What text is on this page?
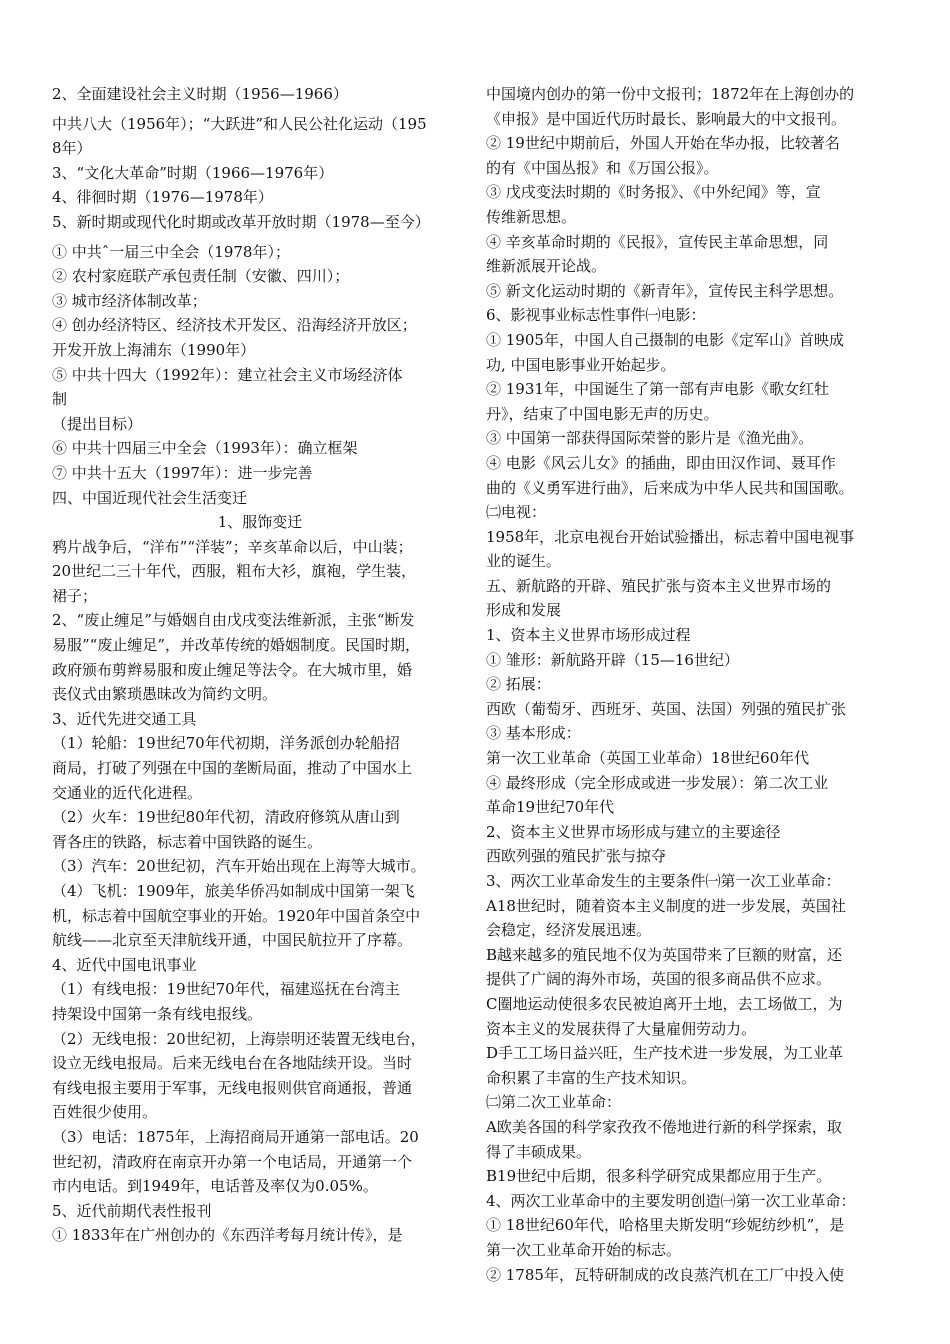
2、全面建设社会主义时期（1956—1966）
中共八大（1956年）；“大跃进”和人民公社化运动（195
8年）
3、“文化大革命”时期（1966—1976年）
4、徘徊时期（1976—1978年）
5、新时期或现代化时期或改革开放时期（1978—至今）
① 中共ˆ一届三中全会（1978年）；
② 农村家庭联产承包责任制（安徽、四川）；
③ 城市经济体制改革；
④ 创办经济特区、经济技术开发区、沿海经济开放区；
开发开放上海浦东（1990年）
⑤ 中共十四大（1992年）：建立社会主义市场经济体
制
（提出目标）
⑥ 中共十四届三中全会（1993年）：确立框架
⑦ 中共十五大（1997年）：进一步完善
四、中国近现代社会生活变迁
1、服饰变迁
鸦片战争后，“洋布”“洋装”；辛亥革命以后，中山装；
20世纪二三十年代，西服，粗布大衫，旗袍，学生装，
裙子；
2、“废止缠足”与婚姻自由戊戌变法维新派，主张“断发
易服”“废止缠足”，并改革传统的婚姻制度。民国时期，
政府颁布剪辫易服和废止缠足等法令。在大城市里，婚
丧仪式由繁琐愚昧改为简约文明。
3、近代先进交通工具
（1）轮船：19世纪70年代初期，洋务派创办轮船招
商局，打破了列强在中国的垄断局面，推动了中国水上
交通业的近代化进程。
（2）火车：19世纪80年代初，清政府修筑从唐山到
胥各庄的铁路，标志着中国铁路的诞生。
（3）汽车：20世纪初，汽车开始出现在上海等大城市。
（4）飞机：1909年，旅美华侨冯如制成中国第一架飞
机，标志着中国航空事业的开始。1920年中国首条空中
航线——北京至天津航线开通，中国民航拉开了序幕。
4、近代中国电讯事业
（1）有线电报：19世纪70年代，福建巡抚在台湾主
持架设中国第一条有线电报线。
（2）无线电报：20世纪初，上海崇明还装置无线电台，
设立无线电报局。后来无线电台在各地陆续开设。当时
有线电报主要用于军事，无线电报则供官商通报，普通
百姓很少使用。
（3）电话：1875年，上海招商局开通第一部电话。20
世纪初，清政府在南京开办第一个电话局，开通第一个
市内电话。到1949年，电话普及率仅为0.05%。
5、近代前期代表性报刊
① 1833年在广州创办的《东西洋考每月统计传》，是
中国境内创办的第一份中文报刊；1872年在上海创办的
《申报》是中国近代历时最长、影响最大的中文报刊。
② 19世纪中期前后，外国人开始在华办报，比较著名
的有《中国丛报》和《万国公报》。
③ 戊戌变法时期的《时务报》、《中外纪闻》等，宣
传维新思想。
④ 辛亥革命时期的《民报》，宣传民主革命思想，同
维新派展开论战。
⑤ 新文化运动时期的《新青年》，宣传民主科学思想。
6、影视事业标志性事件㈠电影：
① 1905年，中国人自己摄制的电影《定军山》首映成
功, 中国电影事业开始起步。
② 1931年，中国诞生了第一部有声电影《歌女红牡
丹》，结束了中国电影无声的历史。
③ 中国第一部获得国际荣誉的影片是《渔光曲》。
④ 电影《风云儿女》的插曲，即由田汉作词、聂耳作
曲的《义勇军进行曲》，后来成为中华人民共和国国歌。
㈡电视：
1958年，北京电视台开始试验播出，标志着中国电视事
业的诞生。
五、新航路的开辟、殖民扩张与资本主义世界市场的
形成和发展
1、资本主义世界市场形成过程
① 雏形：新航路开辟（15—16世纪）
② 拓展：
西欧（葡萄牙、西班牙、英国、法国）列强的殖民扩张
③ 基本形成：
第一次工业革命（英国工业革命）18世纪60年代
④ 最终形成（完全形成或进一步发展）：第二次工业
革命19世纪70年代
2、资本主义世界市场形成与建立的主要途径
西欧列强的殖民扩张与掠夺
3、两次工业革命发生的主要条件㈠第一次工业革命：
A18世纪时，随着资本主义制度的进一步发展，英国社
会稳定，经济发展迅速。
B越来越多的殖民地不仅为英国带来了巨额的财富，还
提供了广阔的海外市场，英国的很多商品供不应求。
C圈地运动使很多农民被迫离开土地，去工场做工，为
资本主义的发展获得了大量雇佣劳动力。
D手工工场日益兴旺，生产技术进一步发展，为工业革
命积累了丰富的生产技术知识。
㈡第二次工业革命：
A欧美各国的科学家孜孜不倦地进行新的科学探索，取
得了丰硕成果。
B19世纪中后期，很多科学研究成果都应用于生产。
4、两次工业革命中的主要发明创造㈠第一次工业革命：
① 18世纪60年代，哈格里夫斯发明“珍妮纺纱机”，是
第一次工业革命开始的标志。
② 1785年，瓦特研制成的改良蒸汽机在工厂中投入使
